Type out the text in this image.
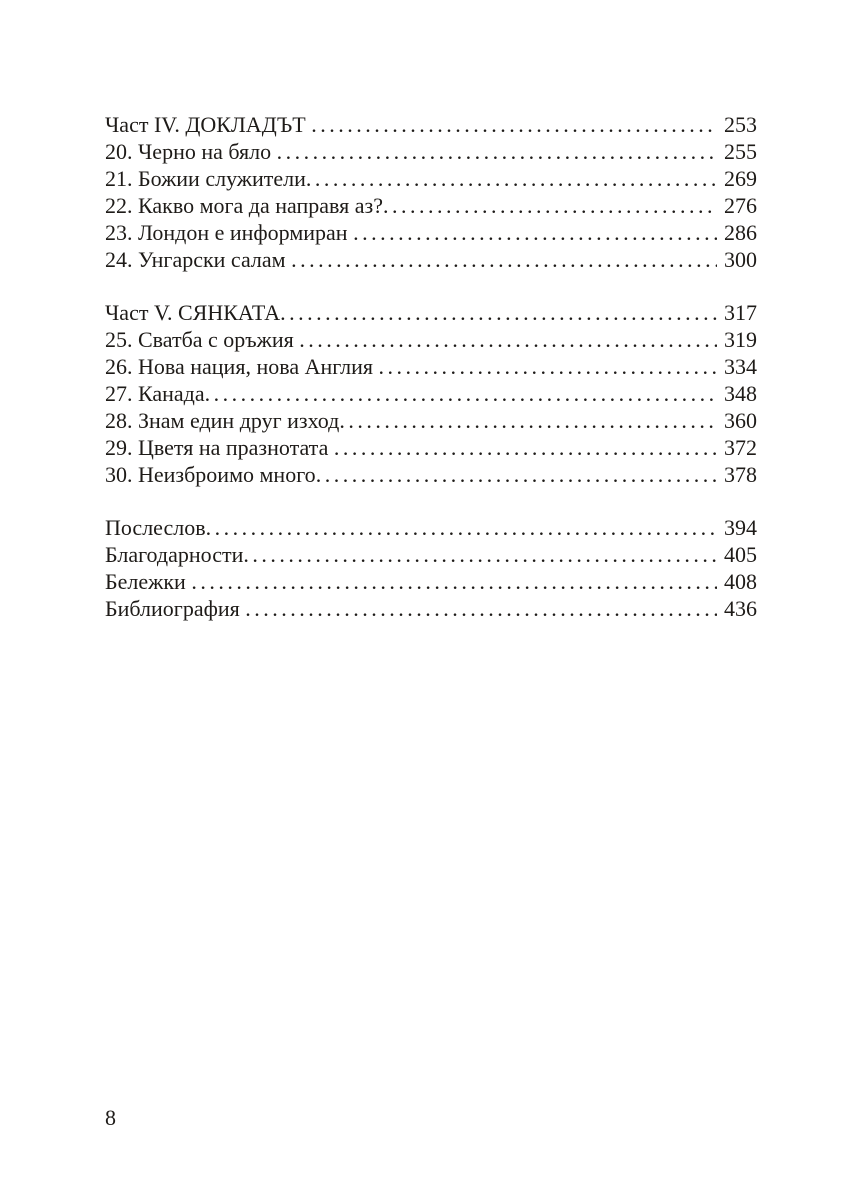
Част IV. ДОКЛАДЪТ .....	253
20. Черно на бяло .....	255
21. Божии служители .....	269
22. Какво мога да направя аз? .....	276
23. Лондон е информиран .....	286
24. Унгарски салам .....	300
Част V. СЯНКАТА .....	317
25. Сватба с оръжия .....	319
26. Нова нация, нова Англия .....	334
27. Канада .....	348
28. Знам един друг изход .....	360
29. Цветя на празнотата .....	372
30. Неизброимо много .....	378
Послеслов .....	394
Благодарности .....	405
Бележки .....	408
Библиография .....	436
8
